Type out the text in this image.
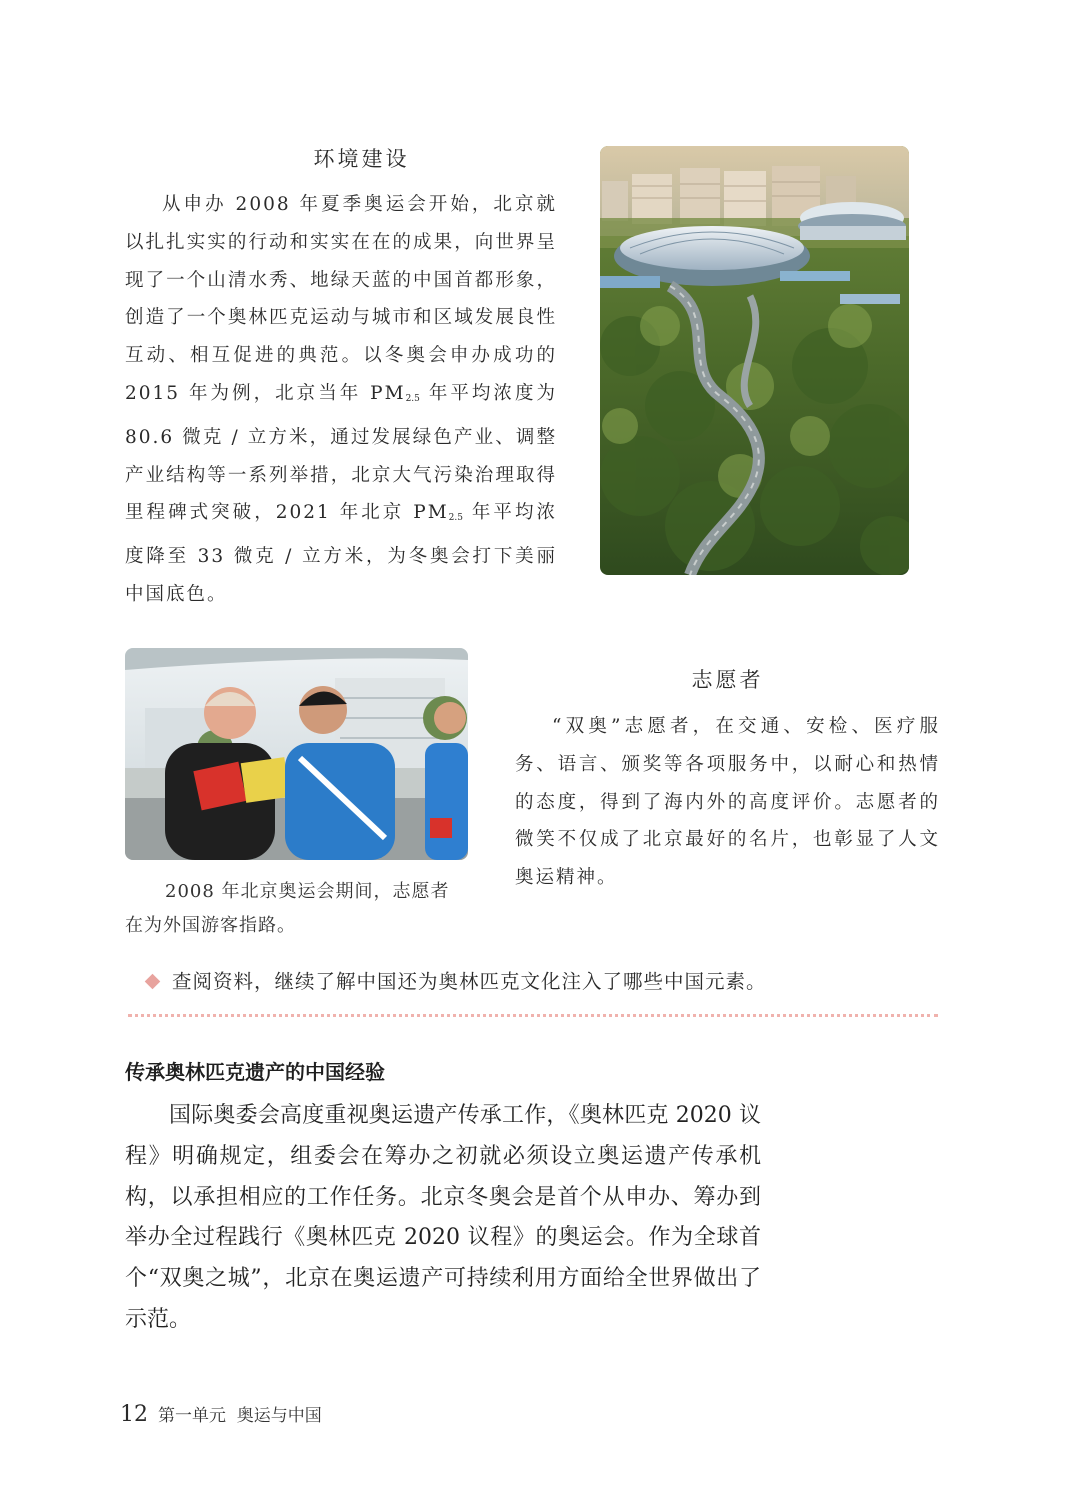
环境建设

从申办 2008 年夏季奥运会开始，北京就以扎扎实实的行动和实实在在的成果，向世界呈现了一个山清水秀、地绿天蓝的中国首都形象，创造了一个奥林匹克运动与城市和区域发展良性互动、相互促进的典范。以冬奥会申办成功的 2015 年为例，北京当年 $PM_{2.5}$ 年平均浓度为 80.6 微克 / 立方米，通过发展绿色产业、调整产业结构等一系列举措，北京大气污染治理取得里程碑式突破，2021 年北京 $PM_{2.5}$ 年平均浓度降至 33 微克 / 立方米，为冬奥会打下美丽中国底色。

2008 年北京奥运会期间，志愿者
在为外国游客指路。
志愿者

“双奥”志愿者，在交通、安检、医疗服务、语言、颁奖等各项服务中，以耐心和热情的态度，得到了海内外的高度评价。志愿者的微笑不仅成了北京最好的名片，也彰显了人文奥运精神。

查阅资料，继续了解中国还为奥林匹克文化注入了哪些中国元素。
传承奥林匹克遗产的中国经验

国际奥委会高度重视奥运遗产传承工作，《奥林匹克 2020 议程》明确规定，组委会在筹办之初就必须设立奥运遗产传承机构，以承担相应的工作任务。北京冬奥会是首个从申办、筹办到举办全过程践行《奥林匹克 2020 议程》的奥运会。作为全球首个“双奥之城”，北京在奥运遗产可持续利用方面给全世界做出了示范。

12 第一单元  奥运与中国
